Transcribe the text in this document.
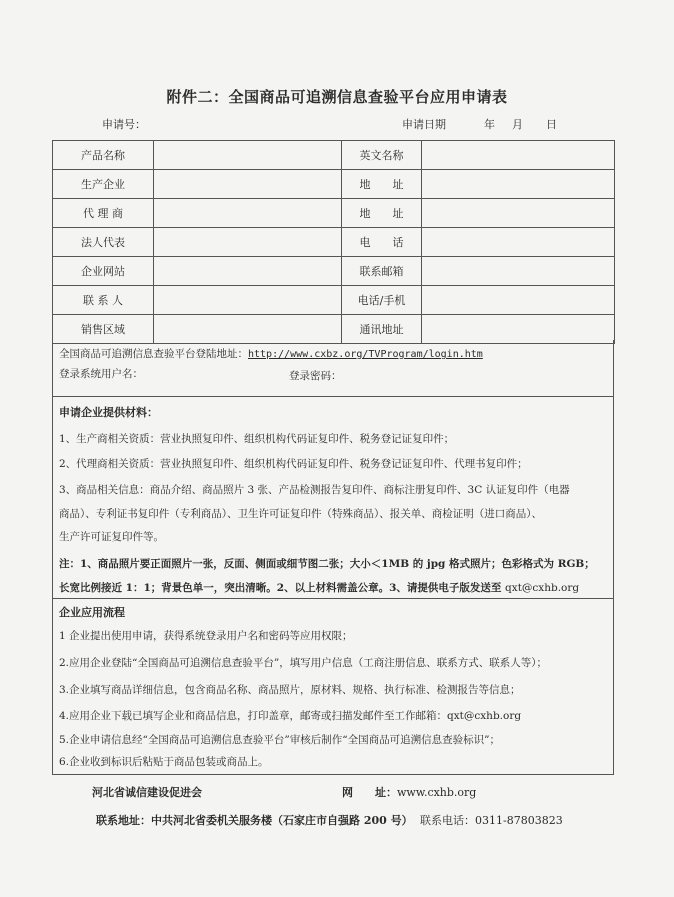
附件二：全国商品可追溯信息查验平台应用申请表
申请号：	申请日期	年 月 日
产品名称		英文名称	
生产企业		地　　址	
代 理 商		地　　址	
法人代表		电　　话	
企业网站		联系邮箱	
联 系 人		电话/手机	
销售区域		通讯地址	
全国商品可追溯信息查验平台登陆地址：http://www.cxbz.org/TVProgram/login.htm
登录系统用户名：	登录密码：
申请企业提供材料：
1、生产商相关资质：营业执照复印件、组织机构代码证复印件、税务登记证复印件；
2、代理商相关资质：营业执照复印件、组织机构代码证复印件、税务登记证复印件、代理书复印件；
3、商品相关信息：商品介绍、商品照片 3 张、产品检测报告复印件、商标注册复印件、3C 认证复印件（电器
商品）、专利证书复印件（专利商品）、卫生许可证复印件（特殊商品）、报关单、商检证明（进口商品）、
生产许可证复印件等。
注：1、商品照片要正面照片一张，反面、侧面或细节图二张；大小＜1MB 的 jpg 格式照片；色彩格式为 RGB；
长宽比例接近 1：1；背景色单一，突出清晰。2、以上材料需盖公章。3、请提供电子版发送至 qxt@cxhb.org
企业应用流程
1 企业提出使用申请，获得系统登录用户名和密码等应用权限；
2.应用企业登陆“全国商品可追溯信息查验平台”，填写用户信息（工商注册信息、联系方式、联系人等）；
3.企业填写商品详细信息，包含商品名称、商品照片，原材料、规格、执行标准、检测报告等信息；
4.应用企业下载已填写企业和商品信息，打印盖章，邮寄或扫描发邮件至工作邮箱：qxt@cxhb.org
5.企业申请信息经“全国商品可追溯信息查验平台”审核后制作“全国商品可追溯信息查验标识”；
6.企业收到标识后粘贴于商品包装或商品上。
河北省诚信建设促进会	网　　址：www.cxhb.org
联系地址：中共河北省委机关服务楼（石家庄市自强路 200 号） 联系电话：0311-87803823
